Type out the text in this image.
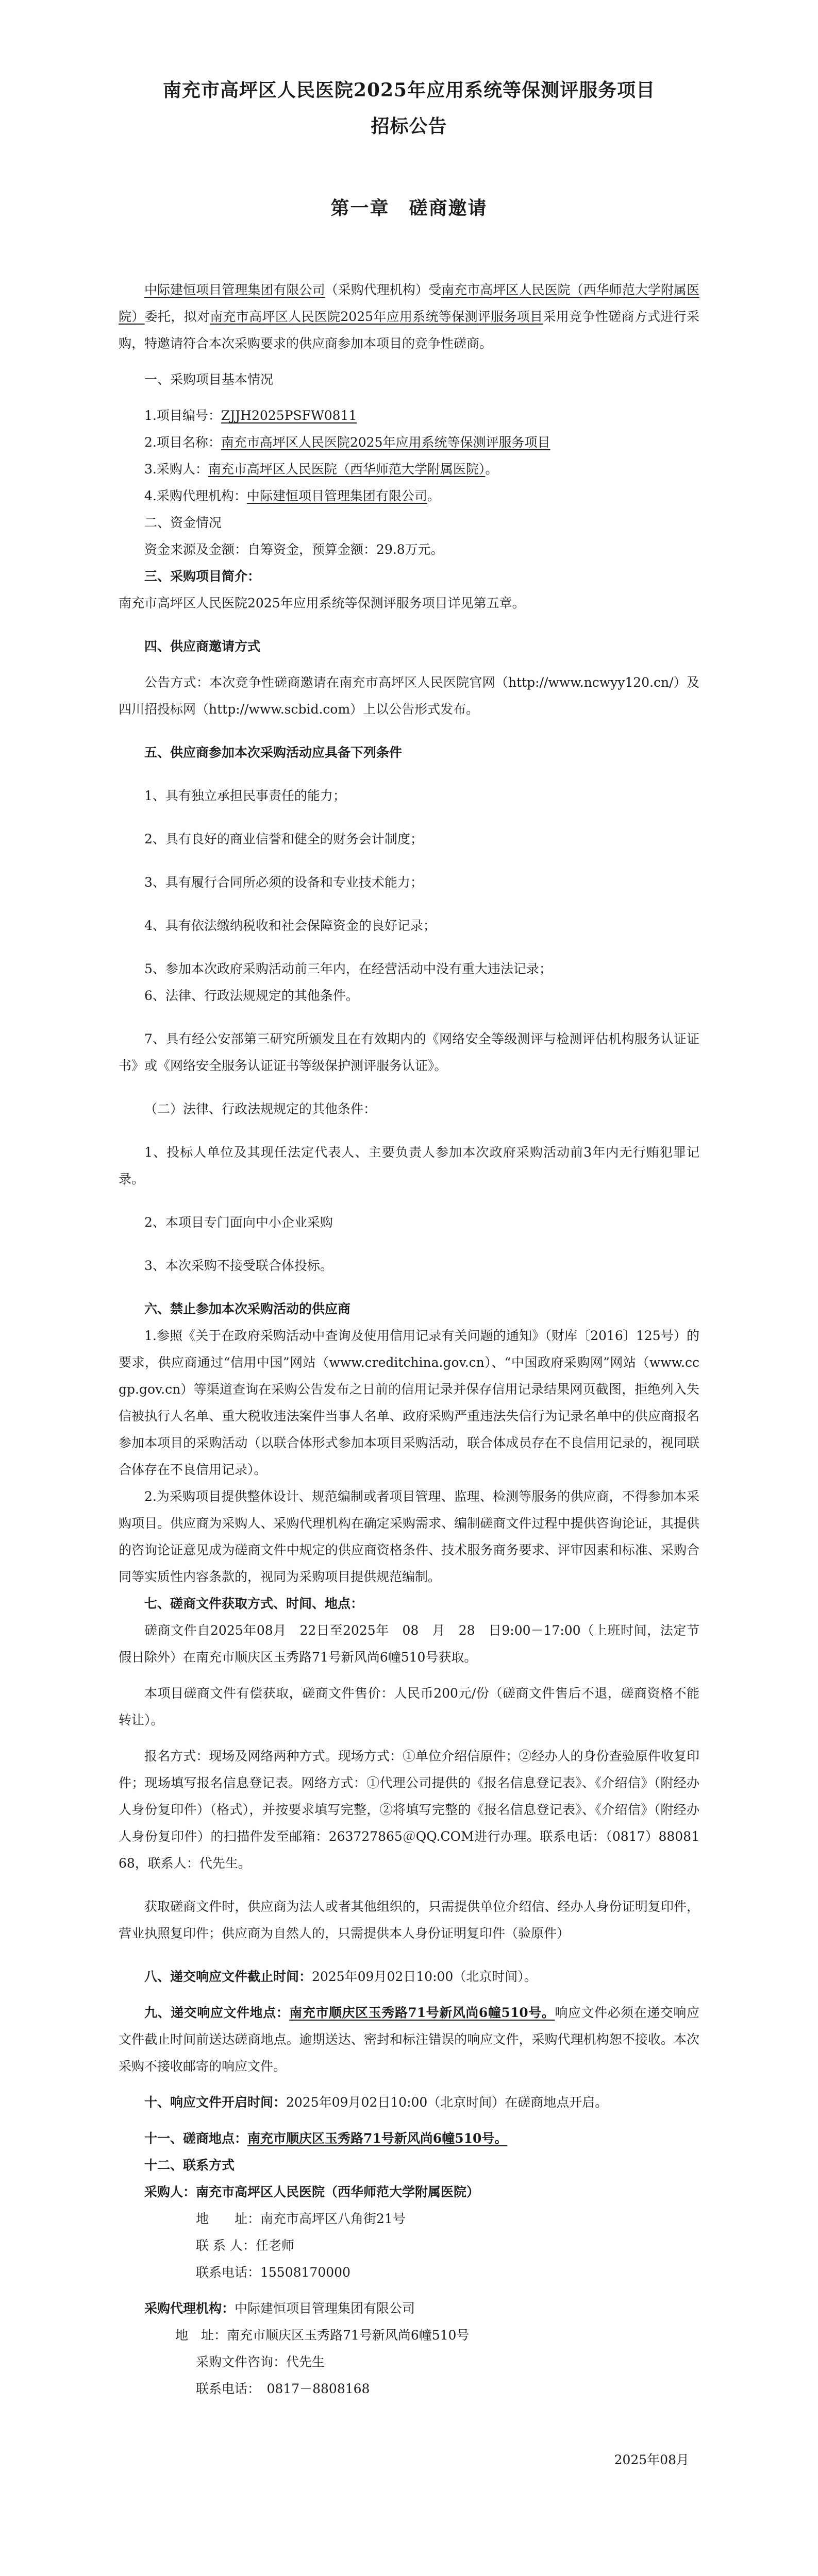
南充市高坪区人民医院2025年应用系统等保测评服务项目

招标公告

第一章　磋商邀请

中际建恒项目管理集团有限公司（采购代理机构）受南充市高坪区人民医院（西华师范大学附属医院）委托，拟对南充市高坪区人民医院2025年应用系统等保测评服务项目采用竞争性磋商方式进行采购，特邀请符合本次采购要求的供应商参加本项目的竞争性磋商。

一、采购项目基本情况

1.项目编号：ZJJH2025PSFW0811

2.项目名称：南充市高坪区人民医院2025年应用系统等保测评服务项目

3.采购人：南充市高坪区人民医院（西华师范大学附属医院）。

4.采购代理机构：中际建恒项目管理集团有限公司。

二、资金情况

资金来源及金额：自筹资金，预算金额：29.8万元。

三、采购项目简介：

南充市高坪区人民医院2025年应用系统等保测评服务项目详见第五章。

四、供应商邀请方式

公告方式：本次竞争性磋商邀请在南充市高坪区人民医院官网（http://www.ncwyy120.cn/）及四川招投标网（http://www.scbid.com）上以公告形式发布。

五、供应商参加本次采购活动应具备下列条件

1、具有独立承担民事责任的能力；

2、具有良好的商业信誉和健全的财务会计制度；

3、具有履行合同所必须的设备和专业技术能力；

4、具有依法缴纳税收和社会保障资金的良好记录；

5、参加本次政府采购活动前三年内，在经营活动中没有重大违法记录；

6、法律、行政法规规定的其他条件。

7、具有经公安部第三研究所颁发且在有效期内的《网络安全等级测评与检测评估机构服务认证证书》或《网络安全服务认证证书等级保护测评服务认证》。

（二）法律、行政法规规定的其他条件：

1、投标人单位及其现任法定代表人、主要负责人参加本次政府采购活动前3年内无行贿犯罪记录。

2、本项目专门面向中小企业采购

3、本次采购不接受联合体投标。

六、禁止参加本次采购活动的供应商

1.参照《关于在政府采购活动中查询及使用信用记录有关问题的通知》（财库〔2016〕125号）的要求，供应商通过“信用中国”网站（www.creditchina.gov.cn）、“中国政府采购网”网站（www.ccgp.gov.cn）等渠道查询在采购公告发布之日前的信用记录并保存信用记录结果网页截图，拒绝列入失信被执行人名单、重大税收违法案件当事人名单、政府采购严重违法失信行为记录名单中的供应商报名参加本项目的采购活动（以联合体形式参加本项目采购活动，联合体成员存在不良信用记录的，视同联合体存在不良信用记录）。

2.为采购项目提供整体设计、规范编制或者项目管理、监理、检测等服务的供应商，不得参加本采购项目。供应商为采购人、采购代理机构在确定采购需求、编制磋商文件过程中提供咨询论证，其提供的咨询论证意见成为磋商文件中规定的供应商资格条件、技术服务商务要求、评审因素和标准、采购合同等实质性内容条款的，视同为采购项目提供规范编制。

七、磋商文件获取方式、时间、地点：

磋商文件自2025年08月　22日至2025年　08　月　28　日9:00－17:00（上班时间，法定节假日除外）在南充市顺庆区玉秀路71号新风尚6幢510号获取。

本项目磋商文件有偿获取，磋商文件售价：人民币200元/份（磋商文件售后不退，磋商资格不能转让）。

报名方式：现场及网络两种方式。现场方式：①单位介绍信原件；②经办人的身份查验原件收复印件；现场填写报名信息登记表。网络方式：①代理公司提供的《报名信息登记表》、《介绍信》（附经办人身份复印件）（格式），并按要求填写完整，②将填写完整的《报名信息登记表》、《介绍信》（附经办人身份复印件）的扫描件发至邮箱：263727865＠QQ.COM进行办理。联系电话：（0817）8808168，联系人：代先生。

获取磋商文件时，供应商为法人或者其他组织的，只需提供单位介绍信、经办人身份证明复印件，营业执照复印件；供应商为自然人的，只需提供本人身份证明复印件（验原件）

八、递交响应文件截止时间：2025年09月02日10:00（北京时间）。

九、递交响应文件地点：南充市顺庆区玉秀路71号新风尚6幢510号。响应文件必须在递交响应文件截止时间前送达磋商地点。逾期送达、密封和标注错误的响应文件，采购代理机构恕不接收。本次采购不接收邮寄的响应文件。

十、响应文件开启时间：2025年09月02日10:00（北京时间）在磋商地点开启。

十一、磋商地点：南充市顺庆区玉秀路71号新风尚6幢510号。

十二、联系方式

采购人：南充市高坪区人民医院（西华师范大学附属医院）

地　　址：南充市高坪区八角街21号

联 系 人：任老师

联系电话：15508170000

采购代理机构：中际建恒项目管理集团有限公司

地　址：南充市顺庆区玉秀路71号新风尚6幢510号

采购文件咨询：代先生

联系电话：　0817－8808168

2025年08月
